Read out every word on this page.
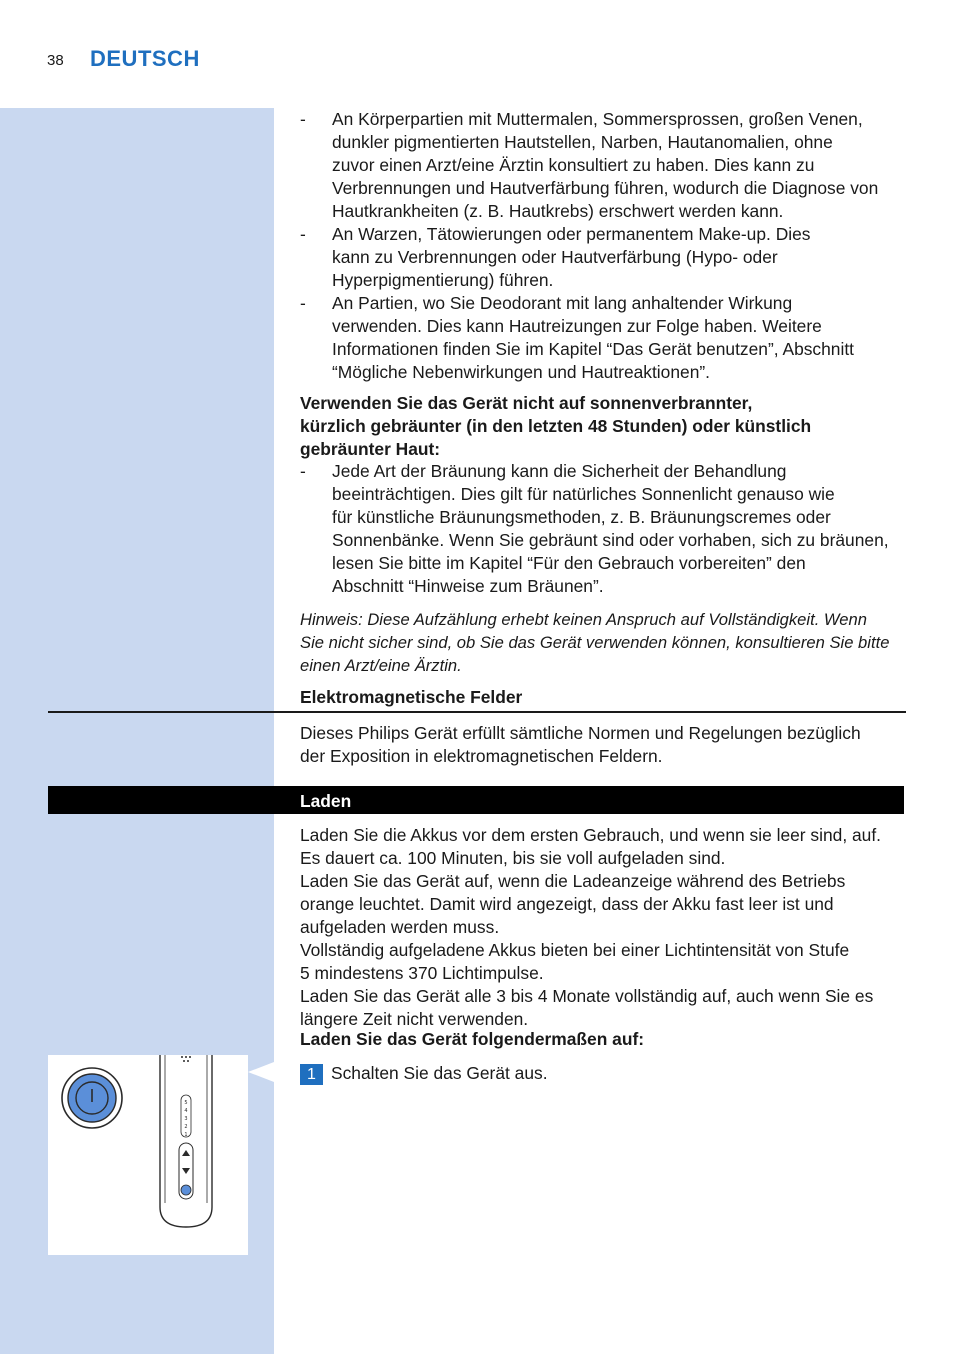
38 DEUTSCH
- An Körperpartien mit Muttermalen, Sommersprossen, großen Venen,
dunkler pigmentierten Hautstellen, Narben, Hautanomalien, ohne
zuvor einen Arzt/eine Ärztin konsultiert zu haben. Dies kann zu
Verbrennungen und Hautverfärbung führen, wodurch die Diagnose von
Hautkrankheiten (z. B. Hautkrebs) erschwert werden kann.
- An Warzen, Tätowierungen oder permanentem Make-up. Dies
kann zu Verbrennungen oder Hautverfärbung (Hypo- oder
Hyperpigmentierung) führen.
- An Partien, wo Sie Deodorant mit lang anhaltender Wirkung
verwenden. Dies kann Hautreizungen zur Folge haben. Weitere
Informationen finden Sie im Kapitel “Das Gerät benutzen”, Abschnitt
“Mögliche Nebenwirkungen und Hautreaktionen”.
Verwenden Sie das Gerät nicht auf sonnenverbrannter,
kürzlich gebräunter (in den letzten 48 Stunden) oder künstlich
gebräunter Haut:
- Jede Art der Bräunung kann die Sicherheit der Behandlung
beeinträchtigen. Dies gilt für natürliches Sonnenlicht genauso wie
für künstliche Bräunungsmethoden, z. B. Bräunungscremes oder
Sonnenbänke. Wenn Sie gebräunt sind oder vorhaben, sich zu bräunen,
lesen Sie bitte im Kapitel “Für den Gebrauch vorbereiten” den
Abschnitt “Hinweise zum Bräunen”.
Hinweis: Diese Aufzählung erhebt keinen Anspruch auf Vollständigkeit. Wenn
Sie nicht sicher sind, ob Sie das Gerät verwenden können, konsultieren Sie bitte
einen Arzt/eine Ärztin.
Elektromagnetische Felder
Dieses Philips Gerät erfüllt sämtliche Normen und Regelungen bezüglich
der Exposition in elektromagnetischen Feldern.
Laden
Laden Sie die Akkus vor dem ersten Gebrauch, und wenn sie leer sind, auf.
Es dauert ca. 100 Minuten, bis sie voll aufgeladen sind.
Laden Sie das Gerät auf, wenn die Ladeanzeige während des Betriebs
orange leuchtet. Damit wird angezeigt, dass der Akku fast leer ist und
aufgeladen werden muss.
Vollständig aufgeladene Akkus bieten bei einer Lichtintensität von Stufe
5 mindestens 370 Lichtimpulse.
Laden Sie das Gerät alle 3 bis 4 Monate vollständig auf, auch wenn Sie es
längere Zeit nicht verwenden.
Laden Sie das Gerät folgendermaßen auf:
1 Schalten Sie das Gerät aus.
5
4
3
2
1
